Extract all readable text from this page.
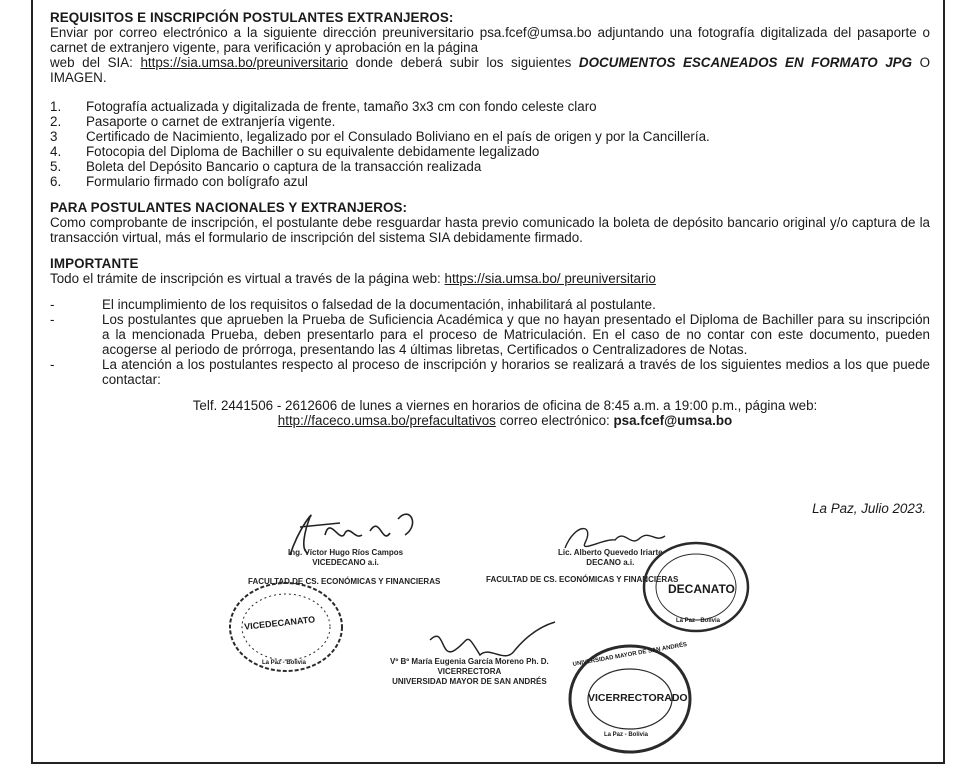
REQUISITOS E INSCRIPCIÓN POSTULANTES EXTRANJEROS:
Enviar por correo electrónico a la siguiente dirección preuniversitario psa.fcef@umsa.bo adjuntando una fotografía digitalizada del pasaporte o carnet de extranjero vigente, para verificación y aprobación en la página
web del SIA: https://sia.umsa.bo/preuniversitario donde deberá subir los siguientes DOCUMENTOS ESCANEADOS EN FORMATO JPG O IMAGEN.
1.	Fotografía actualizada y digitalizada de frente, tamaño 3x3 cm con fondo celeste claro
2.	Pasaporte o carnet de extranjería vigente.
3	Certificado de Nacimiento, legalizado por el Consulado Boliviano en el país de origen y por la Cancillería.
4.	Fotocopia del Diploma de Bachiller o su equivalente debidamente legalizado
5.	Boleta del Depósito Bancario o captura de la transacción realizada
6.	Formulario firmado con bolígrafo azul
PARA POSTULANTES NACIONALES Y EXTRANJEROS:
Como comprobante de inscripción, el postulante debe resguardar hasta previo comunicado la boleta de depósito bancario original y/o captura de la transacción virtual, más el formulario de inscripción del sistema SIA debidamente firmado.
IMPORTANTE
Todo el trámite de inscripción es virtual a través de la página web: https://sia.umsa.bo/ preuniversitario
-	El incumplimiento de los requisitos o falsedad de la documentación, inhabilitará al postulante.
-	Los postulantes que aprueben la Prueba de Suficiencia Académica y que no hayan presentado el Diploma de Bachiller para su inscripción a la mencionada Prueba, deben presentarlo para el proceso de Matriculación. En el caso de no contar con este documento, pueden acogerse al periodo de prórroga, presentando las 4 últimas libretas, Certificados o Centralizadores de Notas.
-	La atención a los postulantes respecto al proceso de inscripción y horarios se realizará a través de los siguientes medios a los que puede contactar:
Telf. 2441506 - 2612606 de lunes a viernes en horarios de oficina de 8:45 a.m. a 19:00 p.m., página web:
http://faceco.umsa.bo/prefacultativos correo electrónico: psa.fcef@umsa.bo
La Paz, Julio 2023.
Ing. Víctor Hugo Ríos Campos
VICEDECANO a.i.
FACULTAD DE CS. ECONÓMICAS Y FINANCIERAS
VICEDECANATO
La Paz - Bolivia
Lic. Alberto Quevedo Iriarte
DECANO a.i.
FACULTAD DE CS. ECONÓMICAS Y FINANCIERAS
DECANATO
La Paz - Bolivia
Vº Bº María Eugenia García Moreno Ph. D.
VICERRECTORA
UNIVERSIDAD MAYOR DE SAN ANDRÉS
UNIVERSIDAD MAYOR DE SAN ANDRÉS
VICERRECTORADO
La Paz - Bolivia
